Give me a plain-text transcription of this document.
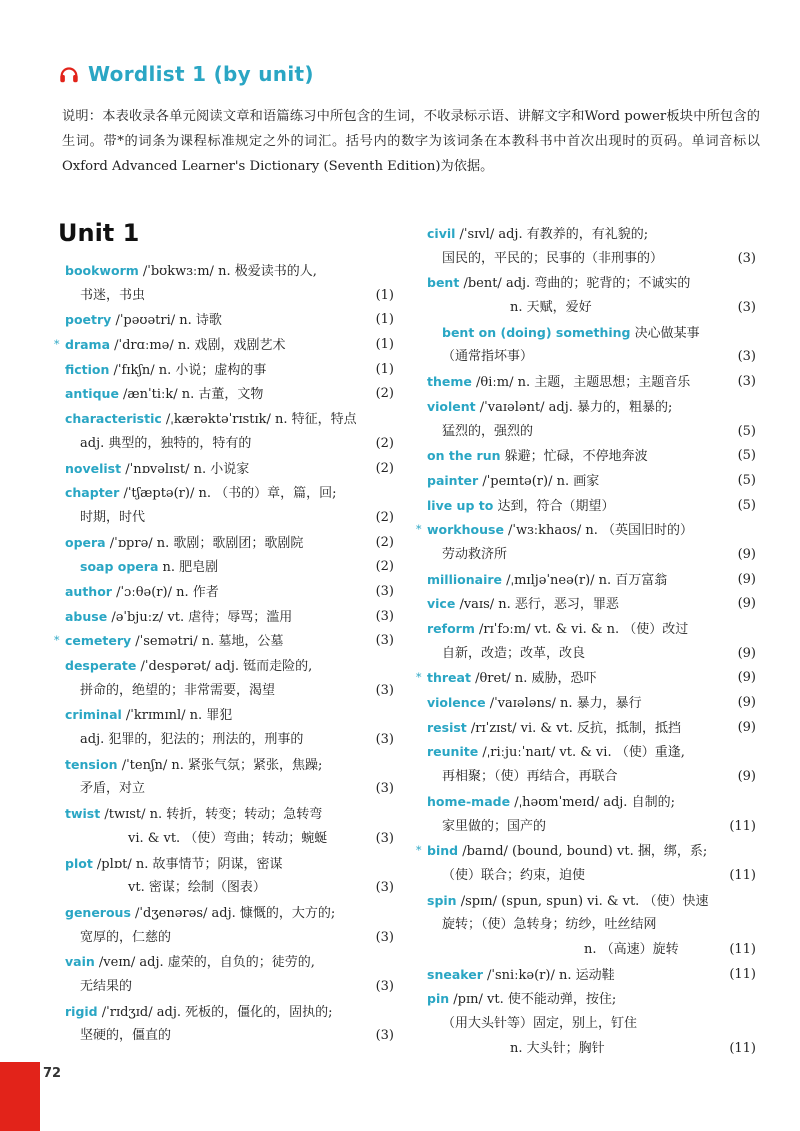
Wordlist 1 (by unit)
说明：本表收录各单元阅读文章和语篇练习中所包含的生词，不收录标示语、讲解文字和Word power板块中所包含的生词。带*的词条为课程标准规定之外的词汇。括号内的数字为该词条在本教科书中首次出现时的页码。单词音标以Oxford Advanced Learner's Dictionary (Seventh Edition)为依据。
Unit 1
bookworm /ˈbʊkwɜːm/ n. 极爱读书的人,
书迷，书虫	(1)
poetry /ˈpəʊətri/ n. 诗歌	(1)
* drama /ˈdrɑːmə/ n. 戏剧，戏剧艺术	(1)
fiction /ˈfɪkʃn/ n. 小说；虚构的事	(1)
antique /ænˈtiːk/ n. 古董，文物	(2)
characteristic /ˌkærəktəˈrɪstɪk/ n. 特征，特点
adj. 典型的，独特的，特有的	(2)
novelist /ˈnɒvəlɪst/ n. 小说家	(2)
chapter /ˈtʃæptə(r)/ n. （书的）章，篇，回;
时期，时代	(2)
opera /ˈɒprə/ n. 歌剧；歌剧团；歌剧院	(2)
soap opera n. 肥皂剧	(2)
author /ˈɔːθə(r)/ n. 作者	(3)
abuse /əˈbjuːz/ vt. 虐待；辱骂；滥用	(3)
* cemetery /ˈsemətri/ n. 墓地，公墓	(3)
desperate /ˈdespərət/ adj. 铤而走险的,
拼命的，绝望的；非常需要，渴望	(3)
criminal /ˈkrɪmɪnl/ n. 罪犯
adj. 犯罪的，犯法的；刑法的，刑事的	(3)
tension /ˈtenʃn/ n. 紧张气氛；紧张，焦躁;
矛盾，对立	(3)
twist /twɪst/ n. 转折，转变；转动；急转弯
vi. & vt. （使）弯曲；转动；蜿蜒	(3)
plot /plɒt/ n. 故事情节；阴谋，密谋
vt. 密谋；绘制（图表）	(3)
generous /ˈdʒenərəs/ adj. 慷慨的，大方的;
宽厚的，仁慈的	(3)
vain /veɪn/ adj. 虚荣的，自负的；徒劳的,
无结果的	(3)
rigid /ˈrɪdʒɪd/ adj. 死板的，僵化的，固执的;
坚硬的，僵直的	(3)
civil /ˈsɪvl/ adj. 有教养的，有礼貌的;
国民的，平民的；民事的（非刑事的）	(3)
bent /bent/ adj. 弯曲的；驼背的；不诚实的
n. 天赋，爱好	(3)
bent on (doing) something 决心做某事
（通常指坏事）	(3)
theme /θiːm/ n. 主题，主题思想；主题音乐	(3)
violent /ˈvaɪələnt/ adj. 暴力的，粗暴的;
猛烈的，强烈的	(5)
on the run 躲避；忙碌，不停地奔波	(5)
painter /ˈpeɪntə(r)/ n. 画家	(5)
live up to 达到，符合（期望）	(5)
* workhouse /ˈwɜːkhaʊs/ n. （英国旧时的）
劳动救济所	(9)
millionaire /ˌmɪljəˈneə(r)/ n. 百万富翁	(9)
vice /vaɪs/ n. 恶行，恶习，罪恶	(9)
reform /rɪˈfɔːm/ vt. & vi. & n. （使）改过
自新，改造；改革，改良	(9)
* threat /θret/ n. 威胁，恐吓	(9)
violence /ˈvaɪələns/ n. 暴力，暴行	(9)
resist /rɪˈzɪst/ vi. & vt. 反抗，抵制，抵挡	(9)
reunite /ˌriːjuːˈnaɪt/ vt. & vi. （使）重逢,
再相聚；（使）再结合，再联合	(9)
home-made /ˌhəʊmˈmeɪd/ adj. 自制的;
家里做的；国产的	(11)
* bind /baɪnd/ (bound, bound) vt. 捆，绑，系;
（使）联合；约束，迫使	(11)
spin /spɪn/ (spun, spun) vi. & vt. （使）快速
旋转；（使）急转身；纺纱，吐丝结网
n. （高速）旋转	(11)
sneaker /ˈsniːkə(r)/ n. 运动鞋	(11)
pin /pɪn/ vt. 使不能动弹，按住;
（用大头针等）固定，别上，钉住
n. 大头针；胸针	(11)
72
